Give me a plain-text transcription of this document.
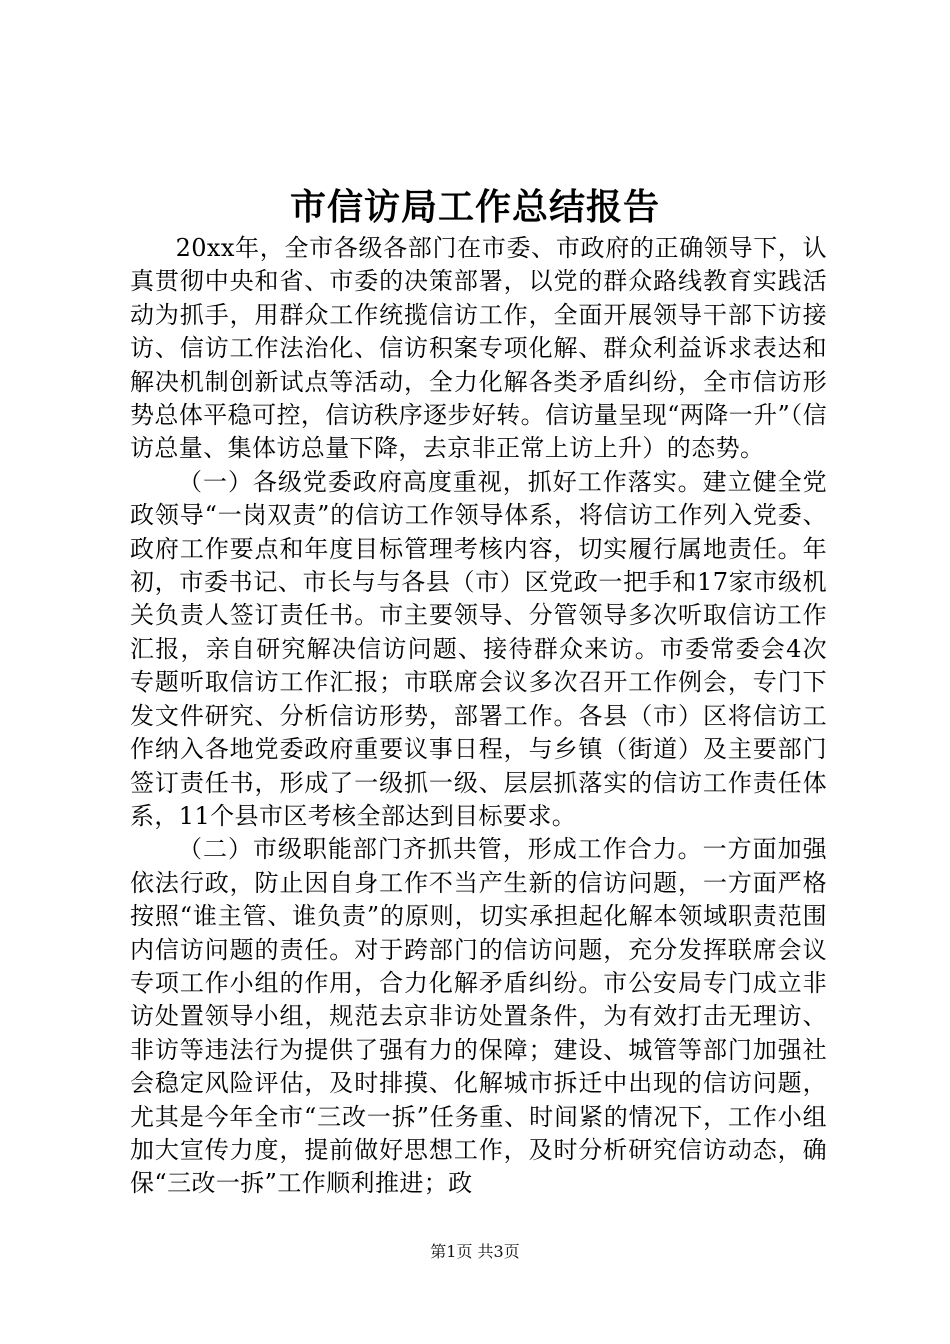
市信访局工作总结报告

20xx年，全市各级各部门在市委、市政府的正确领导下，认真贯彻中央和省、市委的决策部署，以党的群众路线教育实践活动为抓手，用群众工作统揽信访工作，全面开展领导干部下访接访、信访工作法治化、信访积案专项化解、群众利益诉求表达和解决机制创新试点等活动，全力化解各类矛盾纠纷，全市信访形势总体平稳可控，信访秩序逐步好转。信访量呈现“两降一升”（信访总量、集体访总量下降，去京非正常上访上升）的态势。

（一）各级党委政府高度重视，抓好工作落实。建立健全党政领导“一岗双责”的信访工作领导体系，将信访工作列入党委、政府工作要点和年度目标管理考核内容，切实履行属地责任。年初，市委书记、市长与与各县（市）区党政一把手和17家市级机关负责人签订责任书。市主要领导、分管领导多次听取信访工作汇报，亲自研究解决信访问题、接待群众来访。市委常委会4次专题听取信访工作汇报；市联席会议多次召开工作例会，专门下发文件研究、分析信访形势，部署工作。各县（市）区将信访工作纳入各地党委政府重要议事日程，与乡镇（街道）及主要部门签订责任书，形成了一级抓一级、层层抓落实的信访工作责任体系，11个县市区考核全部达到目标要求。

（二）市级职能部门齐抓共管，形成工作合力。一方面加强依法行政，防止因自身工作不当产生新的信访问题，一方面严格按照“谁主管、谁负责”的原则，切实承担起化解本领域职责范围内信访问题的责任。对于跨部门的信访问题，充分发挥联席会议专项工作小组的作用，合力化解矛盾纠纷。市公安局专门成立非访处置领导小组，规范去京非访处置条件，为有效打击无理访、非访等违法行为提供了强有力的保障；建设、城管等部门加强社会稳定风险评估，及时排摸、化解城市拆迁中出现的信访问题，尤其是今年全市“三改一拆”任务重、时间紧的情况下，工作小组加大宣传力度，提前做好思想工作，及时分析研究信访动态，确保“三改一拆”工作顺利推进；政

第1页 共3页
